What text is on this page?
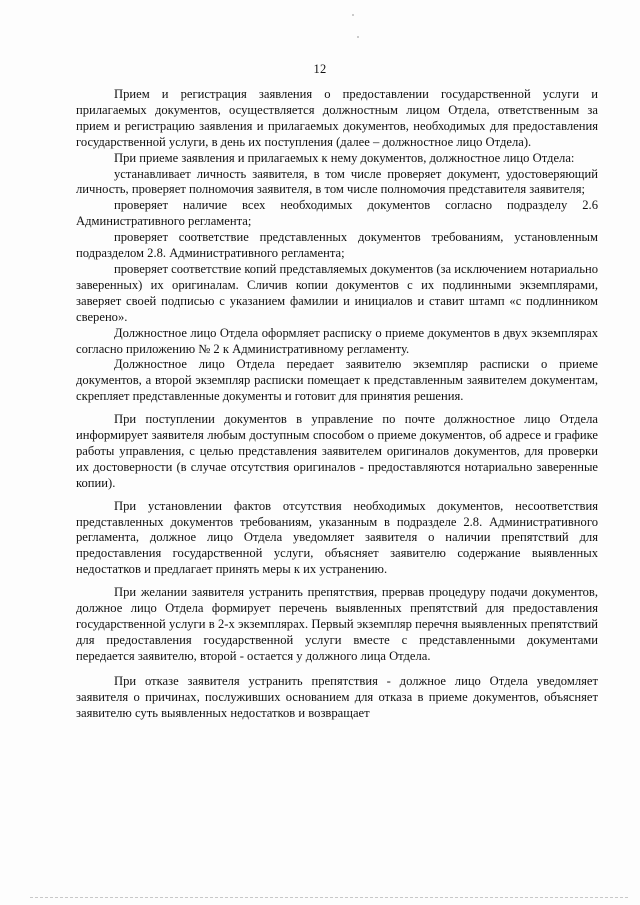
12

Прием и регистрация заявления о предоставлении государственной услуги и прилагаемых документов, осуществляется должностным лицом Отдела, ответственным за прием и регистрацию заявления и прилагаемых документов, необходимых для предоставления государственной услуги, в день их поступления (далее – должностное лицо Отдела).

При приеме заявления и прилагаемых к нему документов, должностное лицо Отдела:

устанавливает личность заявителя, в том числе проверяет документ, удостоверяющий личность, проверяет полномочия заявителя, в том числе полномочия представителя заявителя;

проверяет наличие всех необходимых документов согласно подразделу 2.6 Административного регламента;

проверяет соответствие представленных документов требованиям, установленным подразделом 2.8. Административного регламента;

проверяет соответствие копий представляемых документов (за исключением нотариально заверенных) их оригиналам. Сличив копии документов с их подлинными экземплярами, заверяет своей подписью с указанием фамилии и инициалов и ставит штамп «с подлинником сверено».

Должностное лицо Отдела оформляет расписку о приеме документов в двух экземплярах согласно приложению № 2 к Административному регламенту.

Должностное лицо Отдела передает заявителю экземпляр расписки о приеме документов, а второй экземпляр расписки помещает к представленным заявителем документам, скрепляет представленные документы и готовит для принятия решения.

При поступлении документов в управление по почте должностное лицо Отдела информирует заявителя любым доступным способом о приеме документов, об адресе и графике работы управления, с целью представления заявителем оригиналов документов, для проверки их достоверности (в случае отсутствия оригиналов - предоставляются нотариально заверенные копии).

При установлении фактов отсутствия необходимых документов, несоответствия представленных документов требованиям, указанным в подразделе 2.8. Административного регламента, должное лицо Отдела уведомляет заявителя о наличии препятствий для предоставления государственной услуги, объясняет заявителю содержание выявленных недостатков и предлагает принять меры к их устранению.

При желании заявителя устранить препятствия, прервав процедуру подачи документов, должное лицо Отдела формирует перечень выявленных препятствий для предоставления государственной услуги в 2-х экземплярах. Первый экземпляр перечня выявленных препятствий для предоставления государственной услуги вместе с представленными документами передается заявителю, второй - остается у должного лица Отдела.

При отказе заявителя устранить препятствия - должное лицо Отдела уведомляет заявителя о причинах, послуживших основанием для отказа в приеме документов, объясняет заявителю суть выявленных недостатков и возвращает
